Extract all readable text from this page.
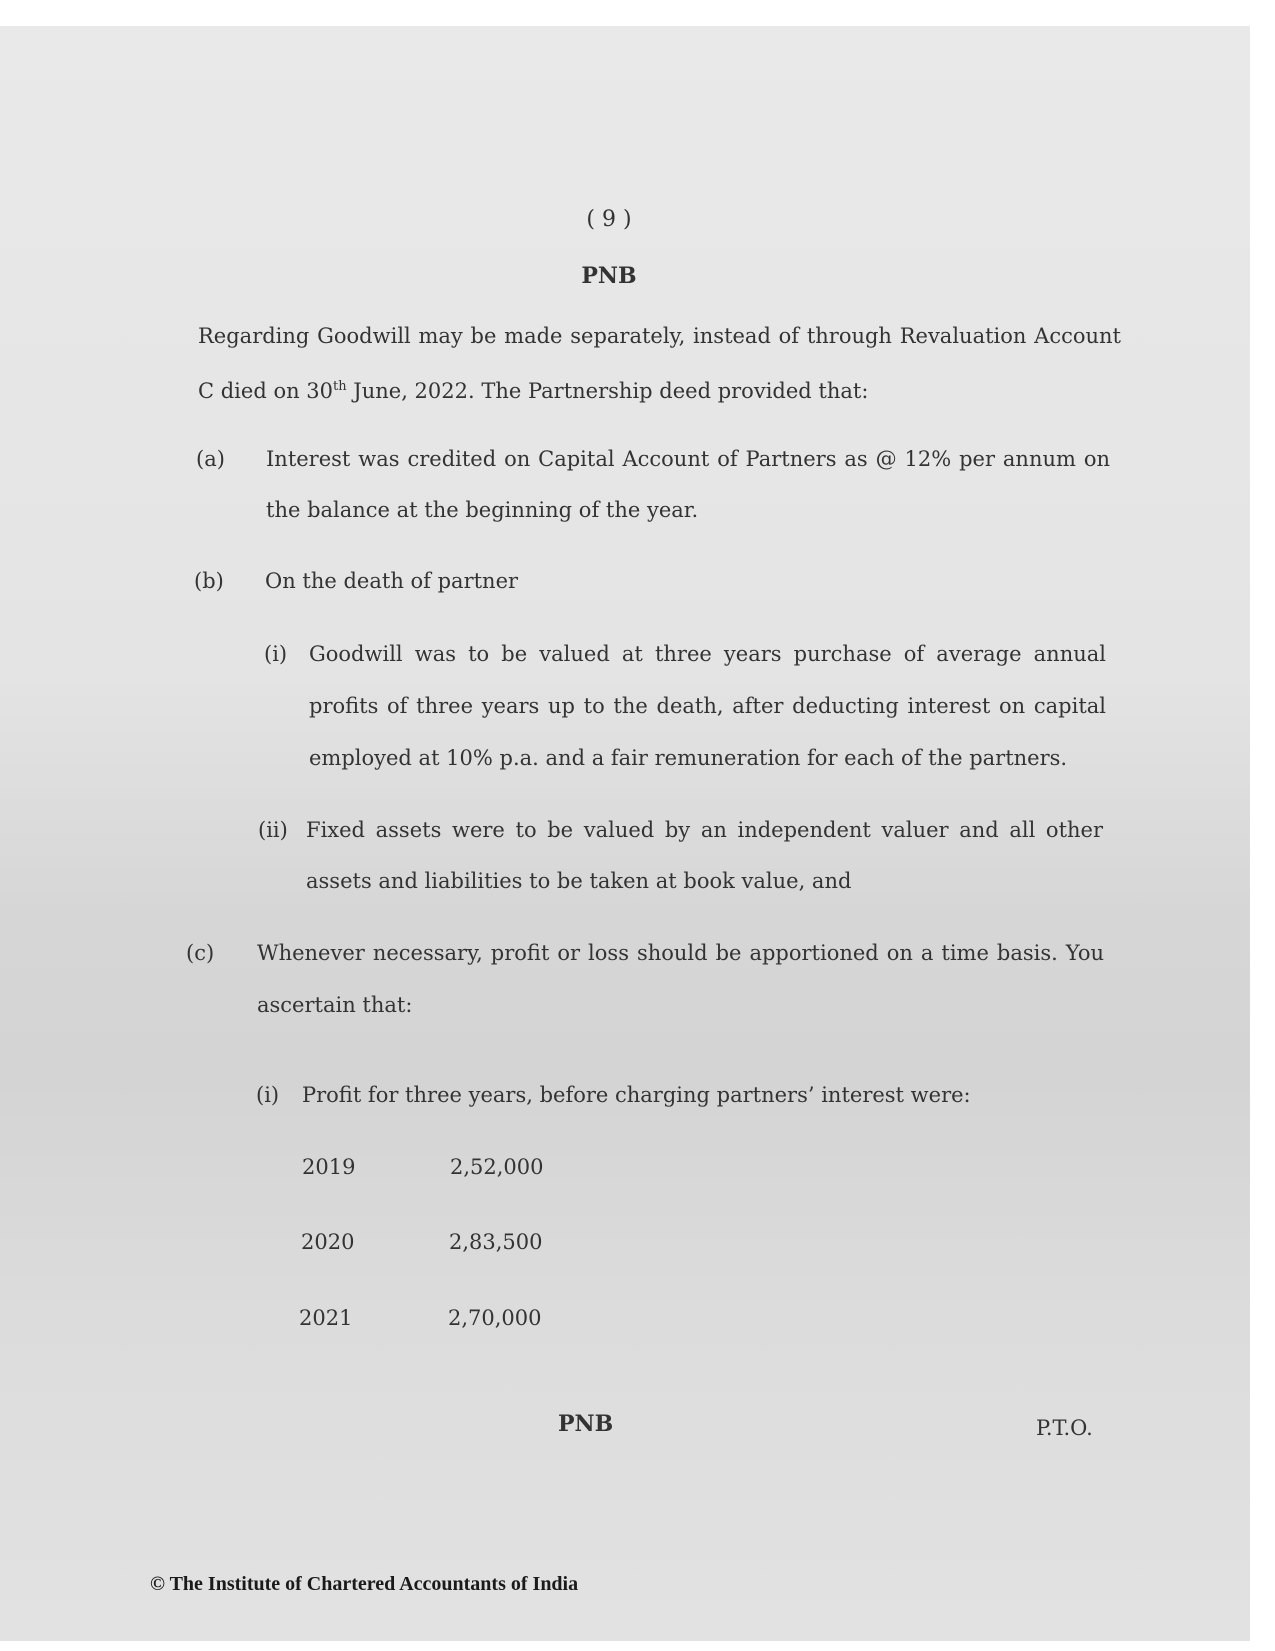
( 9 )
PNB
Regarding Goodwill may be made separately, instead of through Revaluation Account
C died on 30th June, 2022. The Partnership deed provided that:
(a) Interest was credited on Capital Account of Partners as @ 12% per annum on
the balance at the beginning of the year.
(b) On the death of partner
(i) Goodwill was to be valued at three years purchase of average annual
profits of three years up to the death, after deducting interest on capital
employed at 10% p.a. and a fair remuneration for each of the partners.
(ii) Fixed assets were to be valued by an independent valuer and all other
assets and liabilities to be taken at book value, and
(c) Whenever necessary, profit or loss should be apportioned on a time basis. You
ascertain that:
(i) Profit for three years, before charging partners’ interest were:
2019	2,52,000
2020	2,83,500
2021	2,70,000
PNB	P.T.O.
© The Institute of Chartered Accountants of India
